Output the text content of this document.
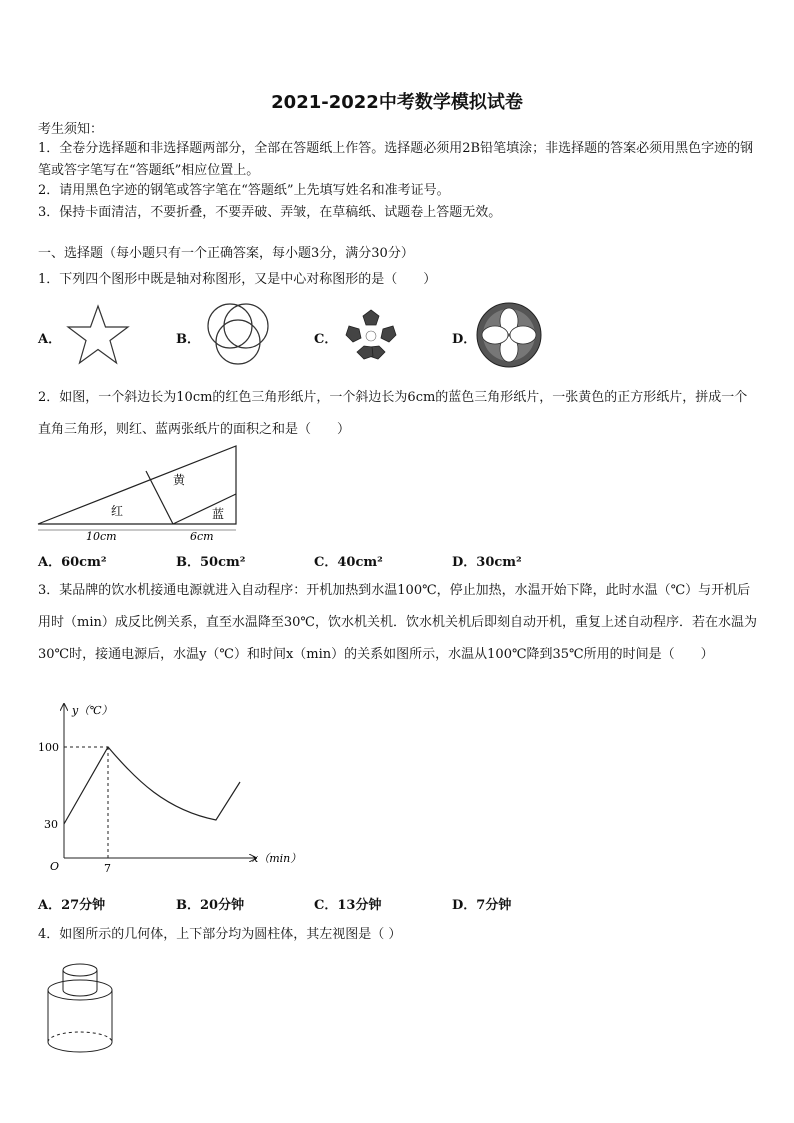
2021-2022中考数学模拟试卷
考生须知：
1．全卷分选择题和非选择题两部分，全部在答题纸上作答。选择题必须用2B铅笔填涂；非选择题的答案必须用黑色字迹的钢笔或答字笔写在“答题纸”相应位置上。
2．请用黑色字迹的钢笔或答字笔在“答题纸”上先填写姓名和准考证号。
3．保持卡面清洁，不要折叠，不要弄破、弄皱，在草稿纸、试题卷上答题无效。
一、选择题（每小题只有一个正确答案，每小题3分，满分30分）
1．下列四个图形中既是轴对称图形，又是中心对称图形的是（　　）
A．	B．	C．	D．
2．如图，一个斜边长为10cm的红色三角形纸片，一个斜边长为6cm的蓝色三角形纸片，一张黄色的正方形纸片，拼成一个直角三角形，则红、蓝两张纸片的面积之和是（　　）
红
黄
蓝
10cm	6cm
A．60cm²	B．50cm²	C．40cm²	D．30cm²
3．某品牌的饮水机接通电源就进入自动程序：开机加热到水温100℃，停止加热，水温开始下降，此时水温（℃）与开机后用时（min）成反比例关系，直至水温降至30℃，饮水机关机．饮水机关机后即刻自动开机，重复上述自动程序．若在水温为30℃时，接通电源后，水温y（℃）和时间x（min）的关系如图所示，水温从100℃降到35℃所用的时间是（　　）
y（℃）
x（min）
O
100
30
7
A．27分钟	B．20分钟	C．13分钟	D．7分钟
4．如图所示的几何体，上下部分均为圆柱体，其左视图是（ ）
